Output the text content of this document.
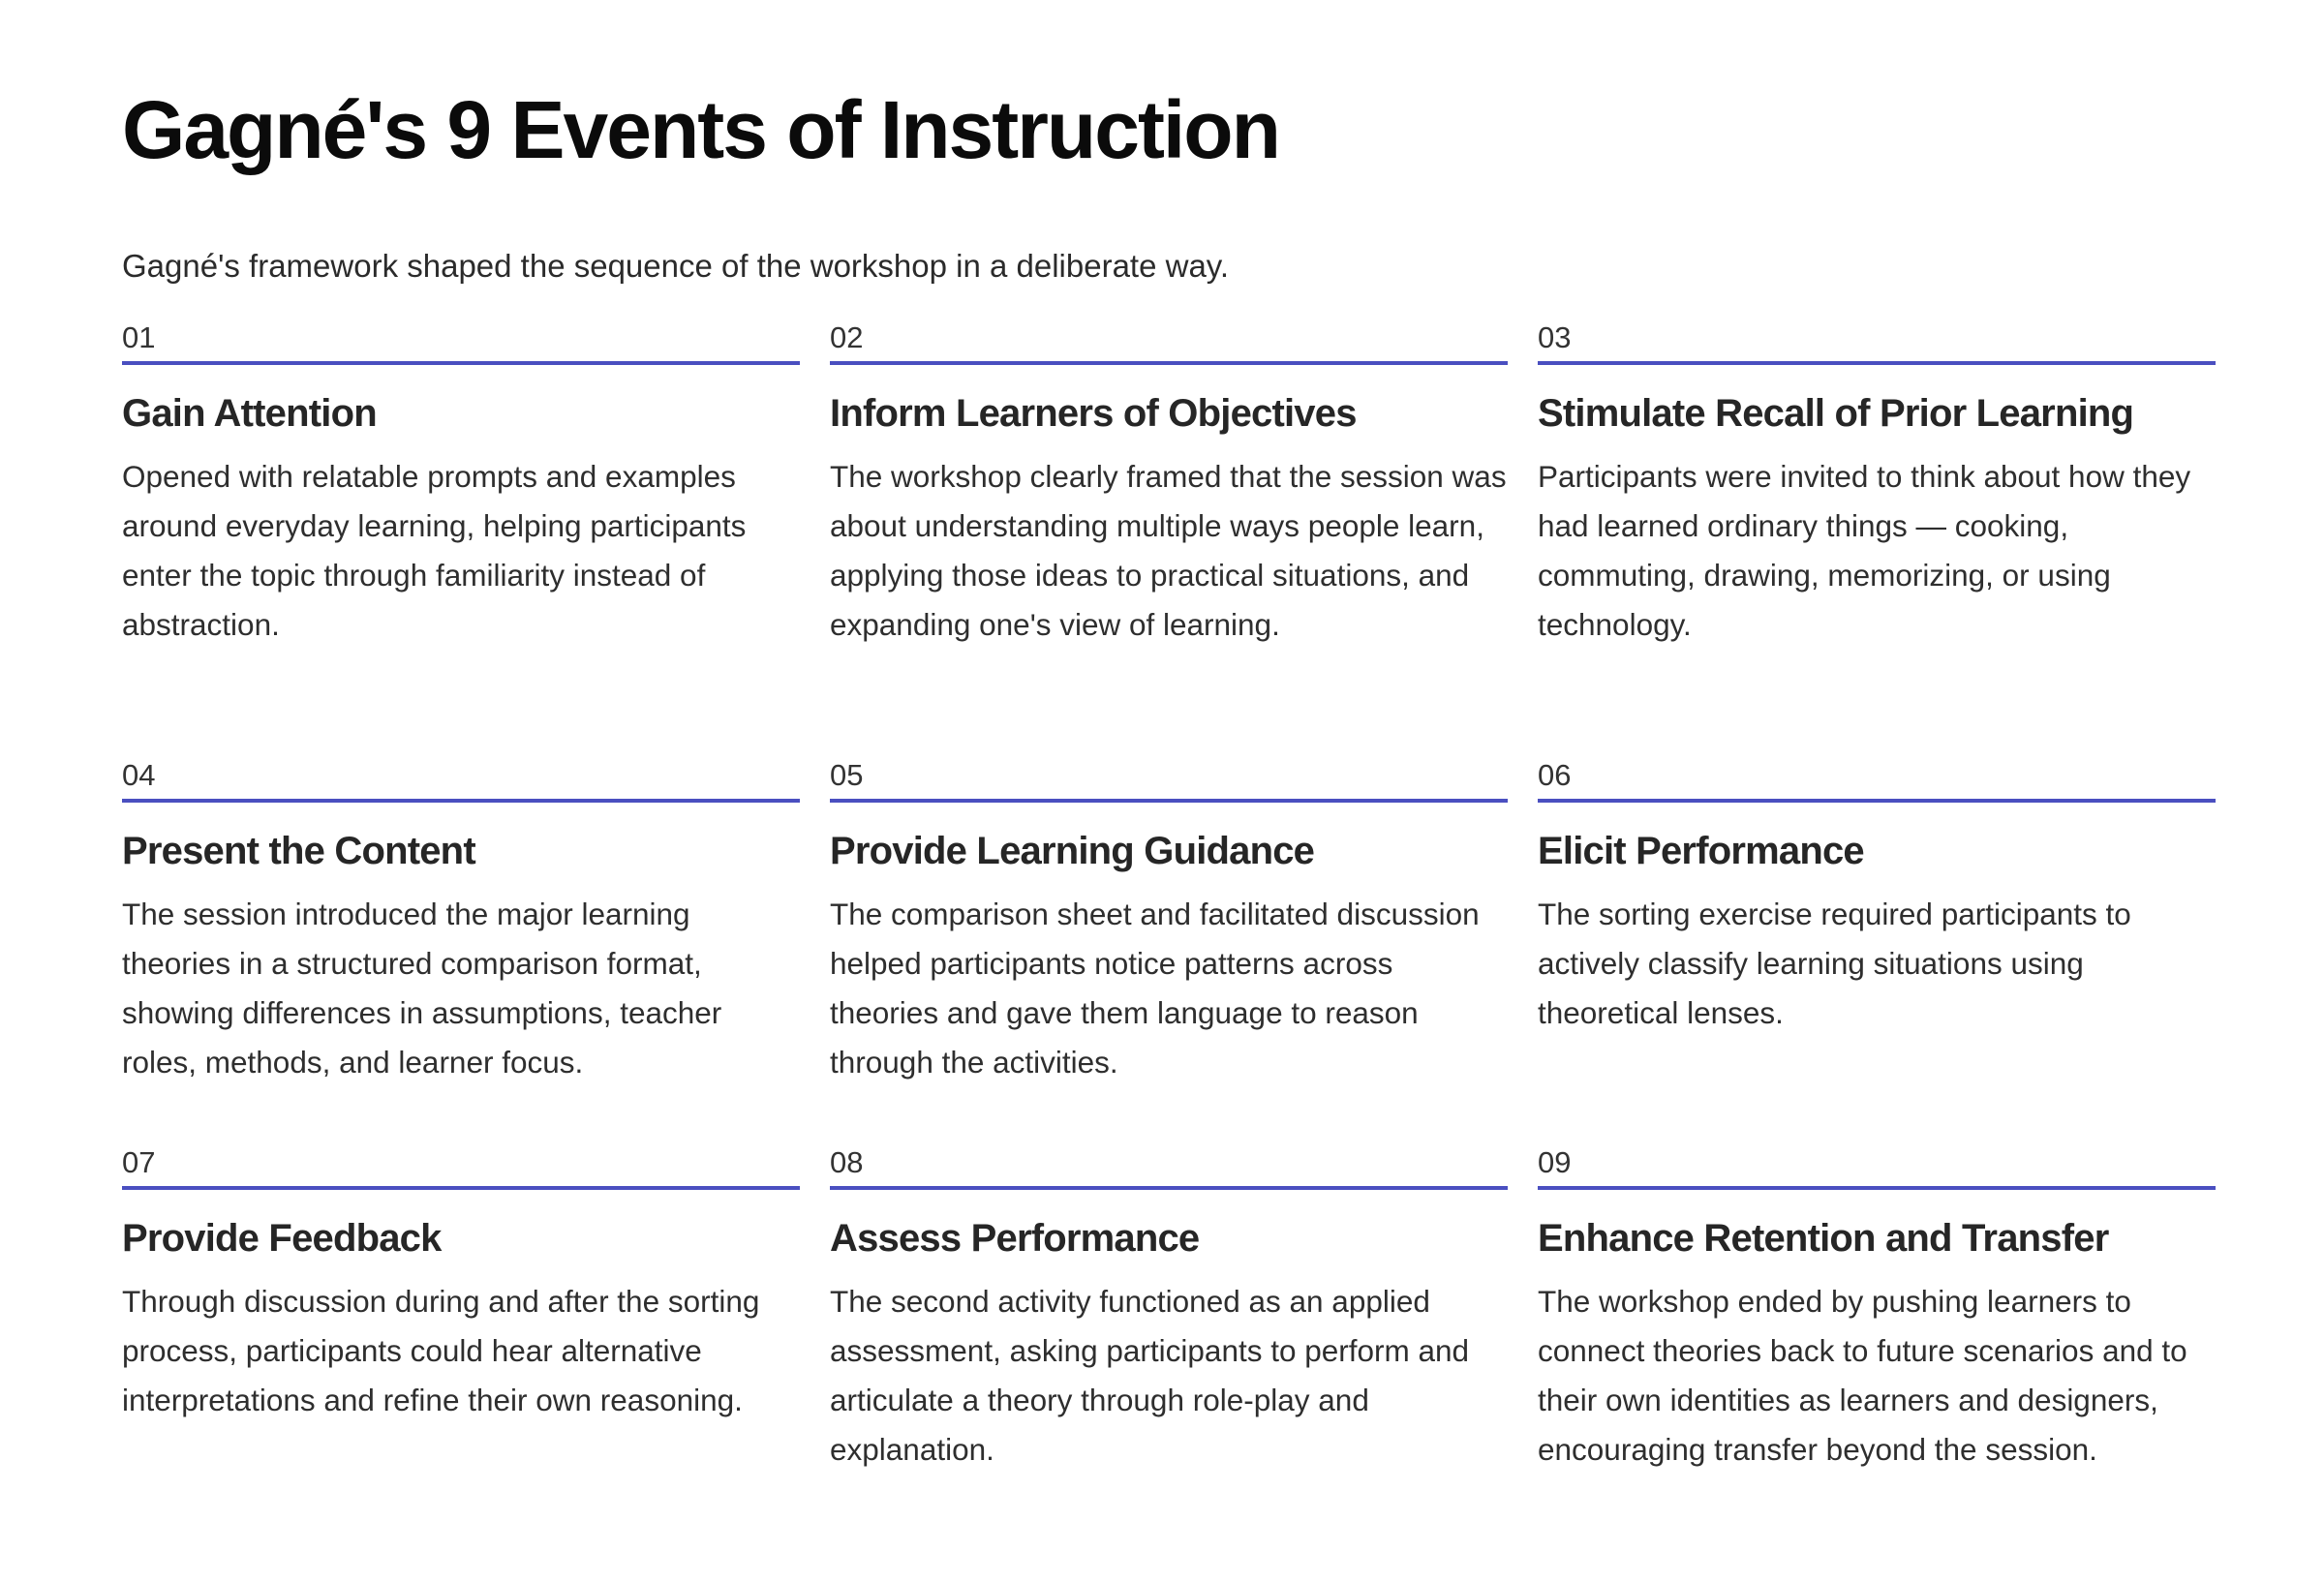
Gagné's 9 Events of Instruction

Gagné's framework shaped the sequence of the workshop in a deliberate way.

01
Gain Attention
Opened with relatable prompts and examples around everyday learning, helping participants enter the topic through familiarity instead of abstraction.
02
Inform Learners of Objectives
The workshop clearly framed that the session was about understanding multiple ways people learn, applying those ideas to practical situations, and expanding one's view of learning.
03
Stimulate Recall of Prior Learning
Participants were invited to think about how they had learned ordinary things — cooking, commuting, drawing, memorizing, or using technology.
04
Present the Content
The session introduced the major learning theories in a structured comparison format, showing differences in assumptions, teacher roles, methods, and learner focus.
05
Provide Learning Guidance
The comparison sheet and facilitated discussion helped participants notice patterns across theories and gave them language to reason through the activities.
06
Elicit Performance
The sorting exercise required participants to actively classify learning situations using theoretical lenses.
07
Provide Feedback
Through discussion during and after the sorting process, participants could hear alternative interpretations and refine their own reasoning.
08
Assess Performance
The second activity functioned as an applied assessment, asking participants to perform and articulate a theory through role-play and explanation.
09
Enhance Retention and Transfer
The workshop ended by pushing learners to connect theories back to future scenarios and to their own identities as learners and designers, encouraging transfer beyond the session.
